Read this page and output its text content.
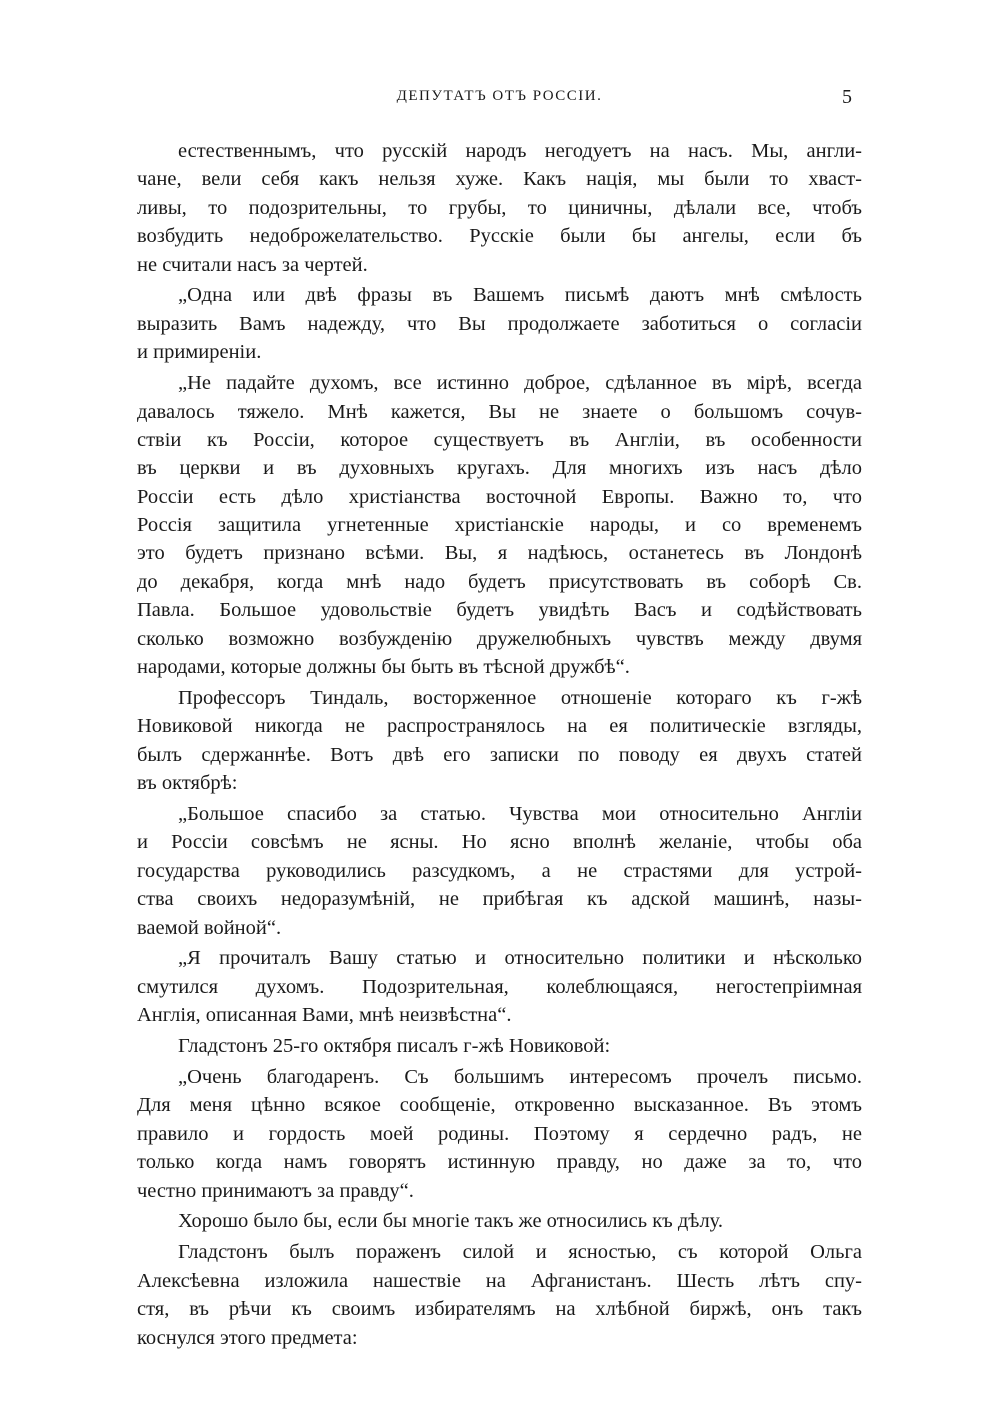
ДЕПУТАТЪ ОТЪ РОССІИ.	5
естественнымъ, что русскій народъ негодуетъ на насъ. Мы, англи-
чане, вели себя какъ нельзя хуже. Какъ нація, мы были то хваст-
ливы, то подозрительны, то грубы, то циничны, дѣлали все, чтобъ
возбудить недоброжелательство. Русскіе были бы ангелы, если бъ
не считали насъ за чертей.
„Одна или двѣ фразы въ Вашемъ письмѣ даютъ мнѣ смѣлость
выразить Вамъ надежду, что Вы продолжаете заботиться о согласіи
и примиреніи.
„Не падайте духомъ, все истинно доброе, сдѣланное въ мірѣ, всегда
давалось тяжело. Мнѣ кажется, Вы не знаете о большомъ сочув-
ствіи къ Россіи, которое существуетъ въ Англіи, въ особенности
въ церкви и въ духовныхъ кругахъ. Для многихъ изъ насъ дѣло
Россіи есть дѣло христіанства восточной Европы. Важно то, что
Россія защитила угнетенные христіанскіе народы, и со временемъ
это будетъ признано всѣми. Вы, я надѣюсь, останетесь въ Лондонѣ
до декабря, когда мнѣ надо будетъ присутствовать въ соборѣ Св.
Павла. Большое удовольствіе будетъ увидѣть Васъ и содѣйствовать
сколько возможно возбужденію дружелюбныхъ чувствъ между двумя
народами, которые должны бы быть въ тѣсной дружбѣ“.
Профессоръ Тиндаль, восторженное отношеніе котораго къ г-жѣ
Новиковой никогда не распространялось на ея политическіе взгляды,
былъ сдержаннѣе. Вотъ двѣ его записки по поводу ея двухъ статей
въ октябрѣ:
„Большое спасибо за статью. Чувства мои относительно Англіи
и Россіи совсѣмъ не ясны. Но ясно вполнѣ желаніе, чтобы оба
государства руководились разсудкомъ, а не страстями для устрой-
ства своихъ недоразумѣній, не прибѣгая къ адской машинѣ, назы-
ваемой войной“.
„Я прочиталъ Вашу статью и относительно политики и нѣсколько
смутился духомъ. Подозрительная, колеблющаяся, негостепріимная
Англія, описанная Вами, мнѣ неизвѣстна“.
Гладстонъ 25-го октября писалъ г-жѣ Новиковой:
„Очень благодаренъ. Съ большимъ интересомъ прочелъ письмо.
Для меня цѣнно всякое сообщеніе, откровенно высказанное. Въ этомъ
правило и гордость моей родины. Поэтому я сердечно радъ, не
только когда намъ говорятъ истинную правду, но даже за то, что
честно принимаютъ за правду“.
Хорошо было бы, если бы многіе такъ же относились къ дѣлу.
Гладстонъ былъ пораженъ силой и ясностью, съ которой Ольга
Алексѣевна изложила нашествіе на Афганистанъ. Шесть лѣтъ спу-
стя, въ рѣчи къ своимъ избирателямъ на хлѣбной биржѣ, онъ такъ
коснулся этого предмета:
